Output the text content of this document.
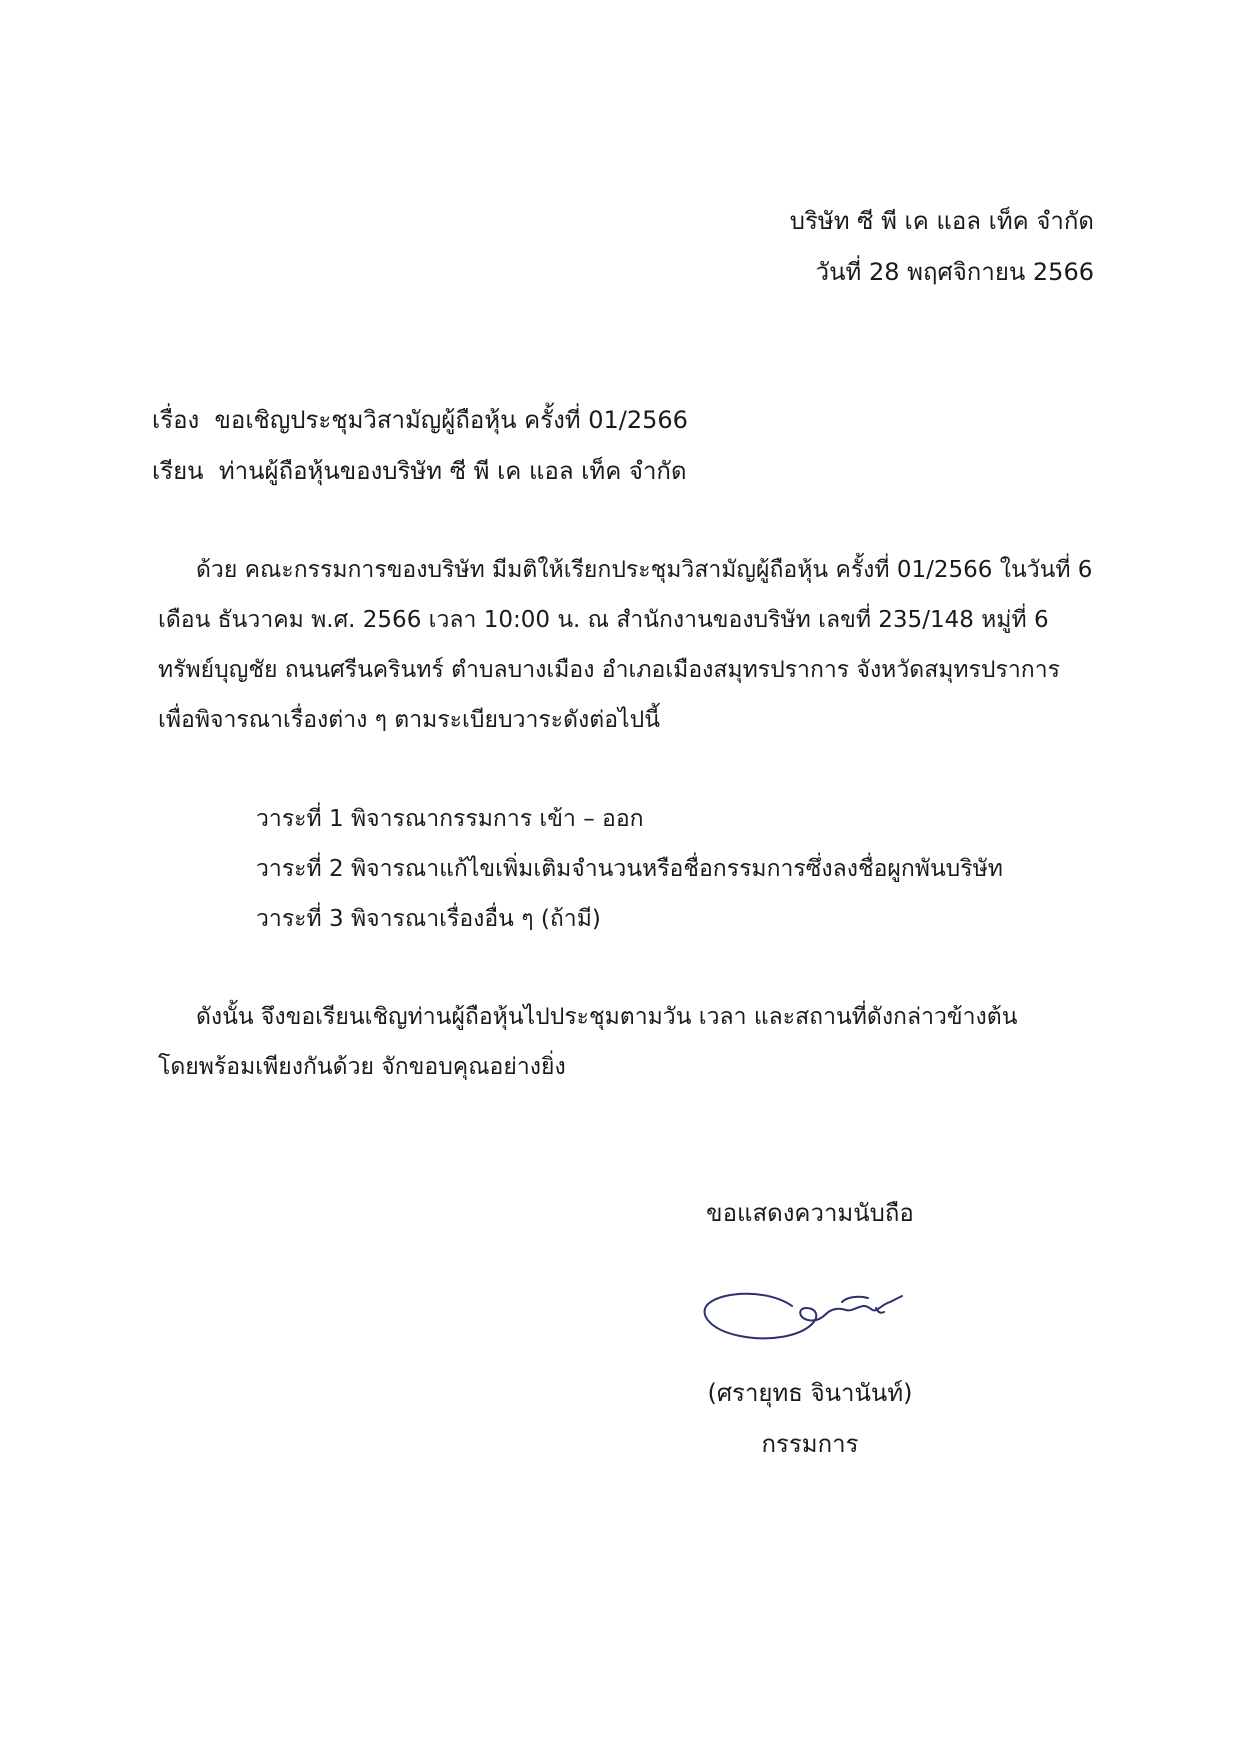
บริษัท ซี พี เค แอล เท็ค จำกัด
วันที่ 28 พฤศจิกายน 2566
เรื่อง ขอเชิญประชุมวิสามัญผู้ถือหุ้น ครั้งที่ 01/2566
เรียน ท่านผู้ถือหุ้นของบริษัท ซี พี เค แอล เท็ค จำกัด
ด้วย คณะกรรมการของบริษัท มีมติให้เรียกประชุมวิสามัญผู้ถือหุ้น ครั้งที่ 01/2566 ในวันที่ 6
เดือน ธันวาคม พ.ศ. 2566 เวลา 10:00 น. ณ สำนักงานของบริษัท เลขที่ 235/148 หมู่ที่ 6
ทรัพย์บุญชัย ถนนศรีนครินทร์ ตำบลบางเมือง อำเภอเมืองสมุทรปราการ จังหวัดสมุทรปราการ
เพื่อพิจารณาเรื่องต่าง ๆ ตามระเบียบวาระดังต่อไปนี้
วาระที่ 1 พิจารณากรรมการ เข้า – ออก
วาระที่ 2 พิจารณาแก้ไขเพิ่มเติมจำนวนหรือชื่อกรรมการซึ่งลงชื่อผูกพันบริษัท
วาระที่ 3 พิจารณาเรื่องอื่น ๆ (ถ้ามี)
ดังนั้น จึงขอเรียนเชิญท่านผู้ถือหุ้นไปประชุมตามวัน เวลา และสถานที่ดังกล่าวข้างต้น
โดยพร้อมเพียงกันด้วย จักขอบคุณอย่างยิ่ง
ขอแสดงความนับถือ
(ศรายุทธ จินานันท์)
กรรมการ
